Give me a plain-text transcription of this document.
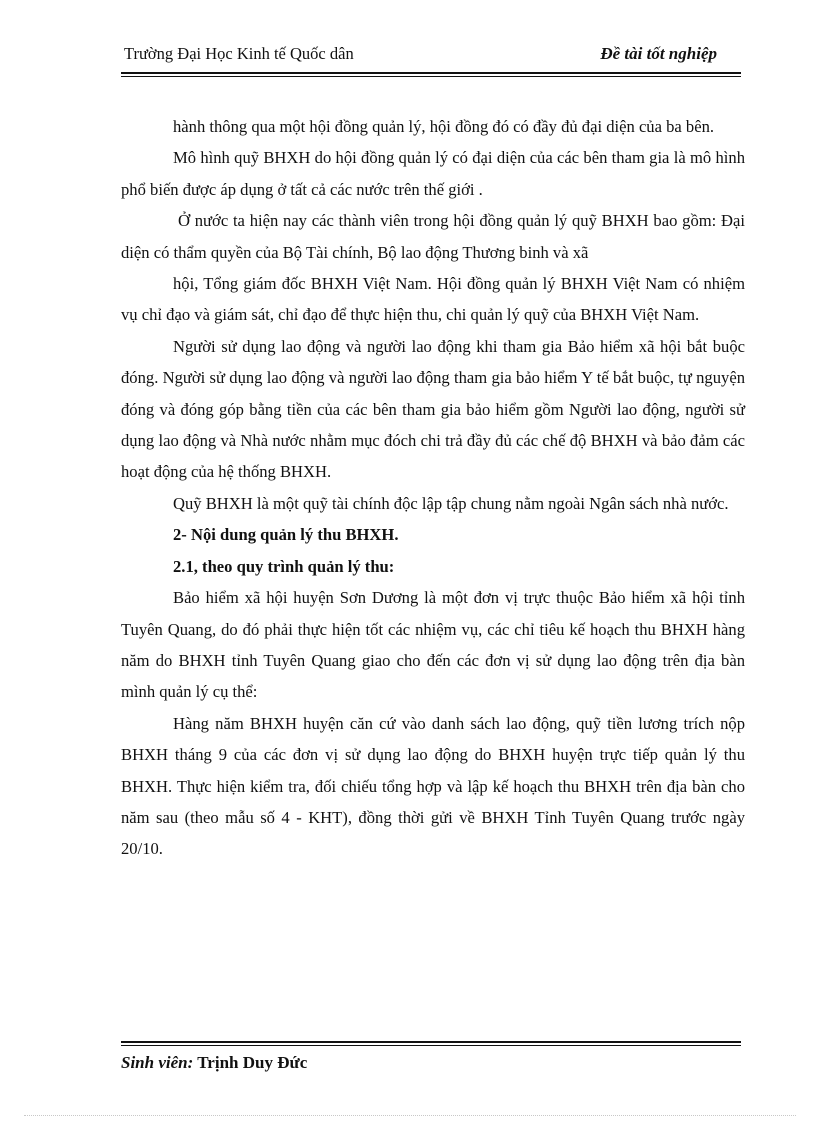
Trường Đại Học Kinh tế Quốc dân	Đề tài tốt nghiệp

hành thông qua một hội đồng quản lý, hội đồng đó có đầy đủ đại diện của ba bên.

Mô hình quỹ BHXH do hội đồng quản lý có đại diện của các bên tham gia là mô hình phổ biến được áp dụng ở tất cả các nước trên thế giới .

Ở nước ta hiện nay các thành viên trong hội đồng quản lý quỹ BHXH bao gồm: Đại diện có thẩm quyền của Bộ Tài chính, Bộ lao động Thương binh và xã

hội, Tổng giám đốc BHXH Việt Nam. Hội đồng quản lý BHXH Việt Nam có nhiệm vụ chỉ đạo và giám sát, chỉ đạo để thực hiện thu, chi quản lý quỹ của BHXH Việt Nam.

Người sử dụng lao động và người lao động khi tham gia Bảo hiểm xã hội bắt buộc đóng. Người sử dụng lao động và người lao động tham gia bảo hiểm Y tế bắt buộc, tự nguyện đóng và đóng góp bằng tiền của các bên tham gia bảo hiểm gồm Người lao động, người sử dụng lao động và Nhà nước nhằm mục đóch chi trả đầy đủ các chế độ BHXH và bảo đảm các hoạt động của hệ thống BHXH.

Quỹ BHXH là một quỹ tài chính độc lập tập chung nằm ngoài Ngân sách nhà nước.

2- Nội dung quản lý thu BHXH.

2.1, theo quy trình quản lý thu:

Bảo hiểm xã hội huyện Sơn Dương là một đơn vị trực thuộc Bảo hiểm xã hội tỉnh Tuyên Quang, do đó phải thực hiện tốt các nhiệm vụ, các chỉ tiêu kế hoạch thu BHXH hàng năm do BHXH tỉnh Tuyên Quang giao cho đến các đơn vị sử dụng lao động trên địa bàn mình quản lý cụ thể:

Hàng năm BHXH huyện căn cứ vào danh sách lao động, quỹ tiền lương trích nộp BHXH tháng 9 của các đơn vị sử dụng lao động do BHXH huyện trực tiếp quản lý thu BHXH. Thực hiện kiểm tra, đối chiếu tổng hợp và lập kế hoạch thu BHXH trên địa bàn cho năm sau (theo mẫu số 4 - KHT), đồng thời gửi về BHXH Tỉnh Tuyên Quang trước ngày 20/10.

Sinh viên: Trịnh Duy Đức
